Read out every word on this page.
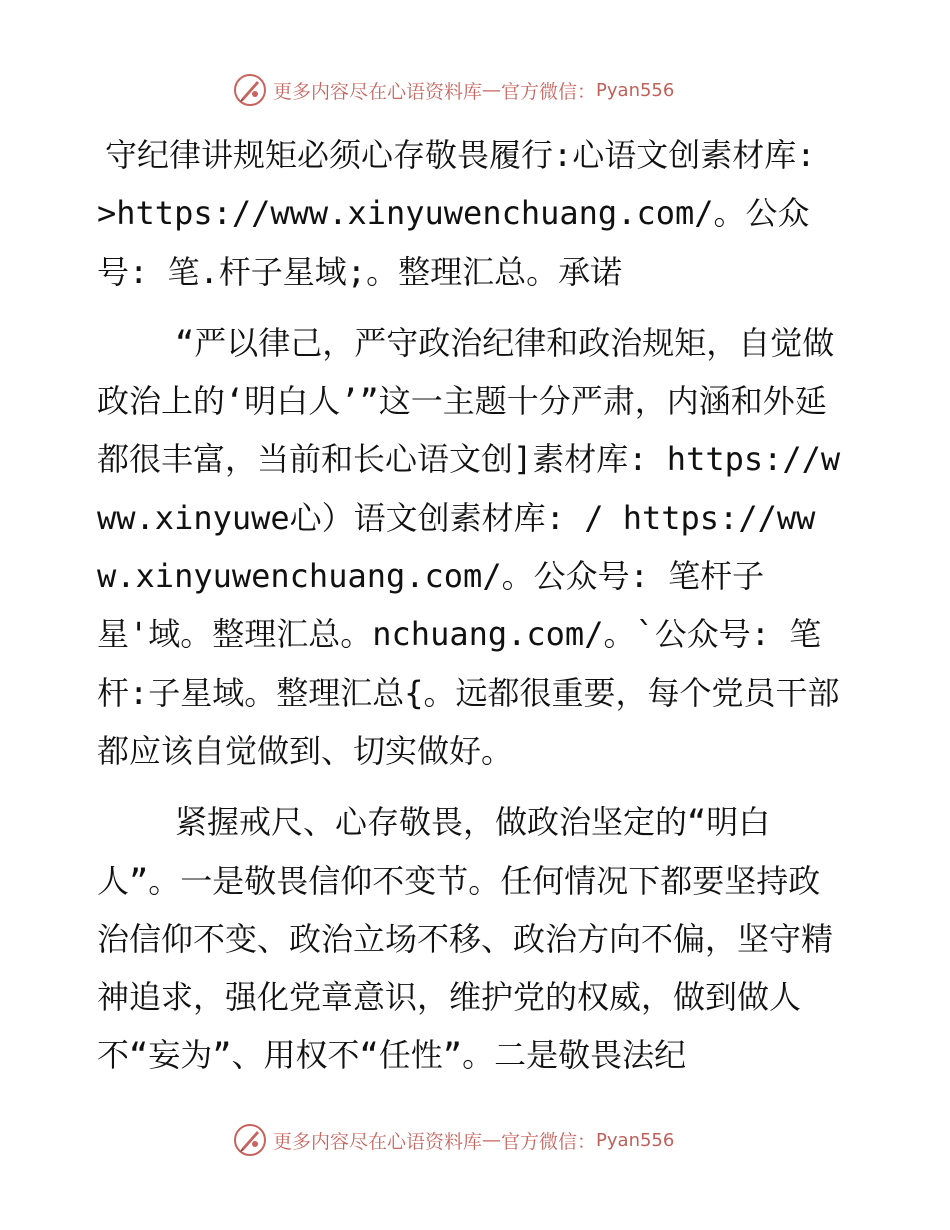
更多内容尽在心语资料库 — 官方微信： Pyan556

守纪律讲规矩必须心存敬畏履行:心语文创素材库: >https://www.xinyuwenchuang.com/。公众号: 笔.杆子星域;。整理汇总。承诺

“严以律己，严守政治纪律和政治规矩，自觉做政治上的‘明白人’”这一主题十分严肃，内涵和外延都很丰富，当前和长心语文创]素材库: https://www.xinyuwe心）语文创素材库: / https://www.xinyuwenchuang.com/。公众号: 笔杆子星'域。整理汇总。nchuang.com/。`公众号: 笔杆:子星域。整理汇总{。远都很重要，每个党员干部都应该自觉做到、切实做好。

紧握戒尺、心存敬畏，做政治坚定的“明白人”。一是敬畏信仰不变节。任何情况下都要坚持政治信仰不变、政治立场不移、政治方向不偏，坚守精神追求，强化党章意识，维护党的权威，做到做人不“妄为”、用权不“任性”。二是敬畏法纪

更多内容尽在心语资料库 — 官方微信： Pyan556
